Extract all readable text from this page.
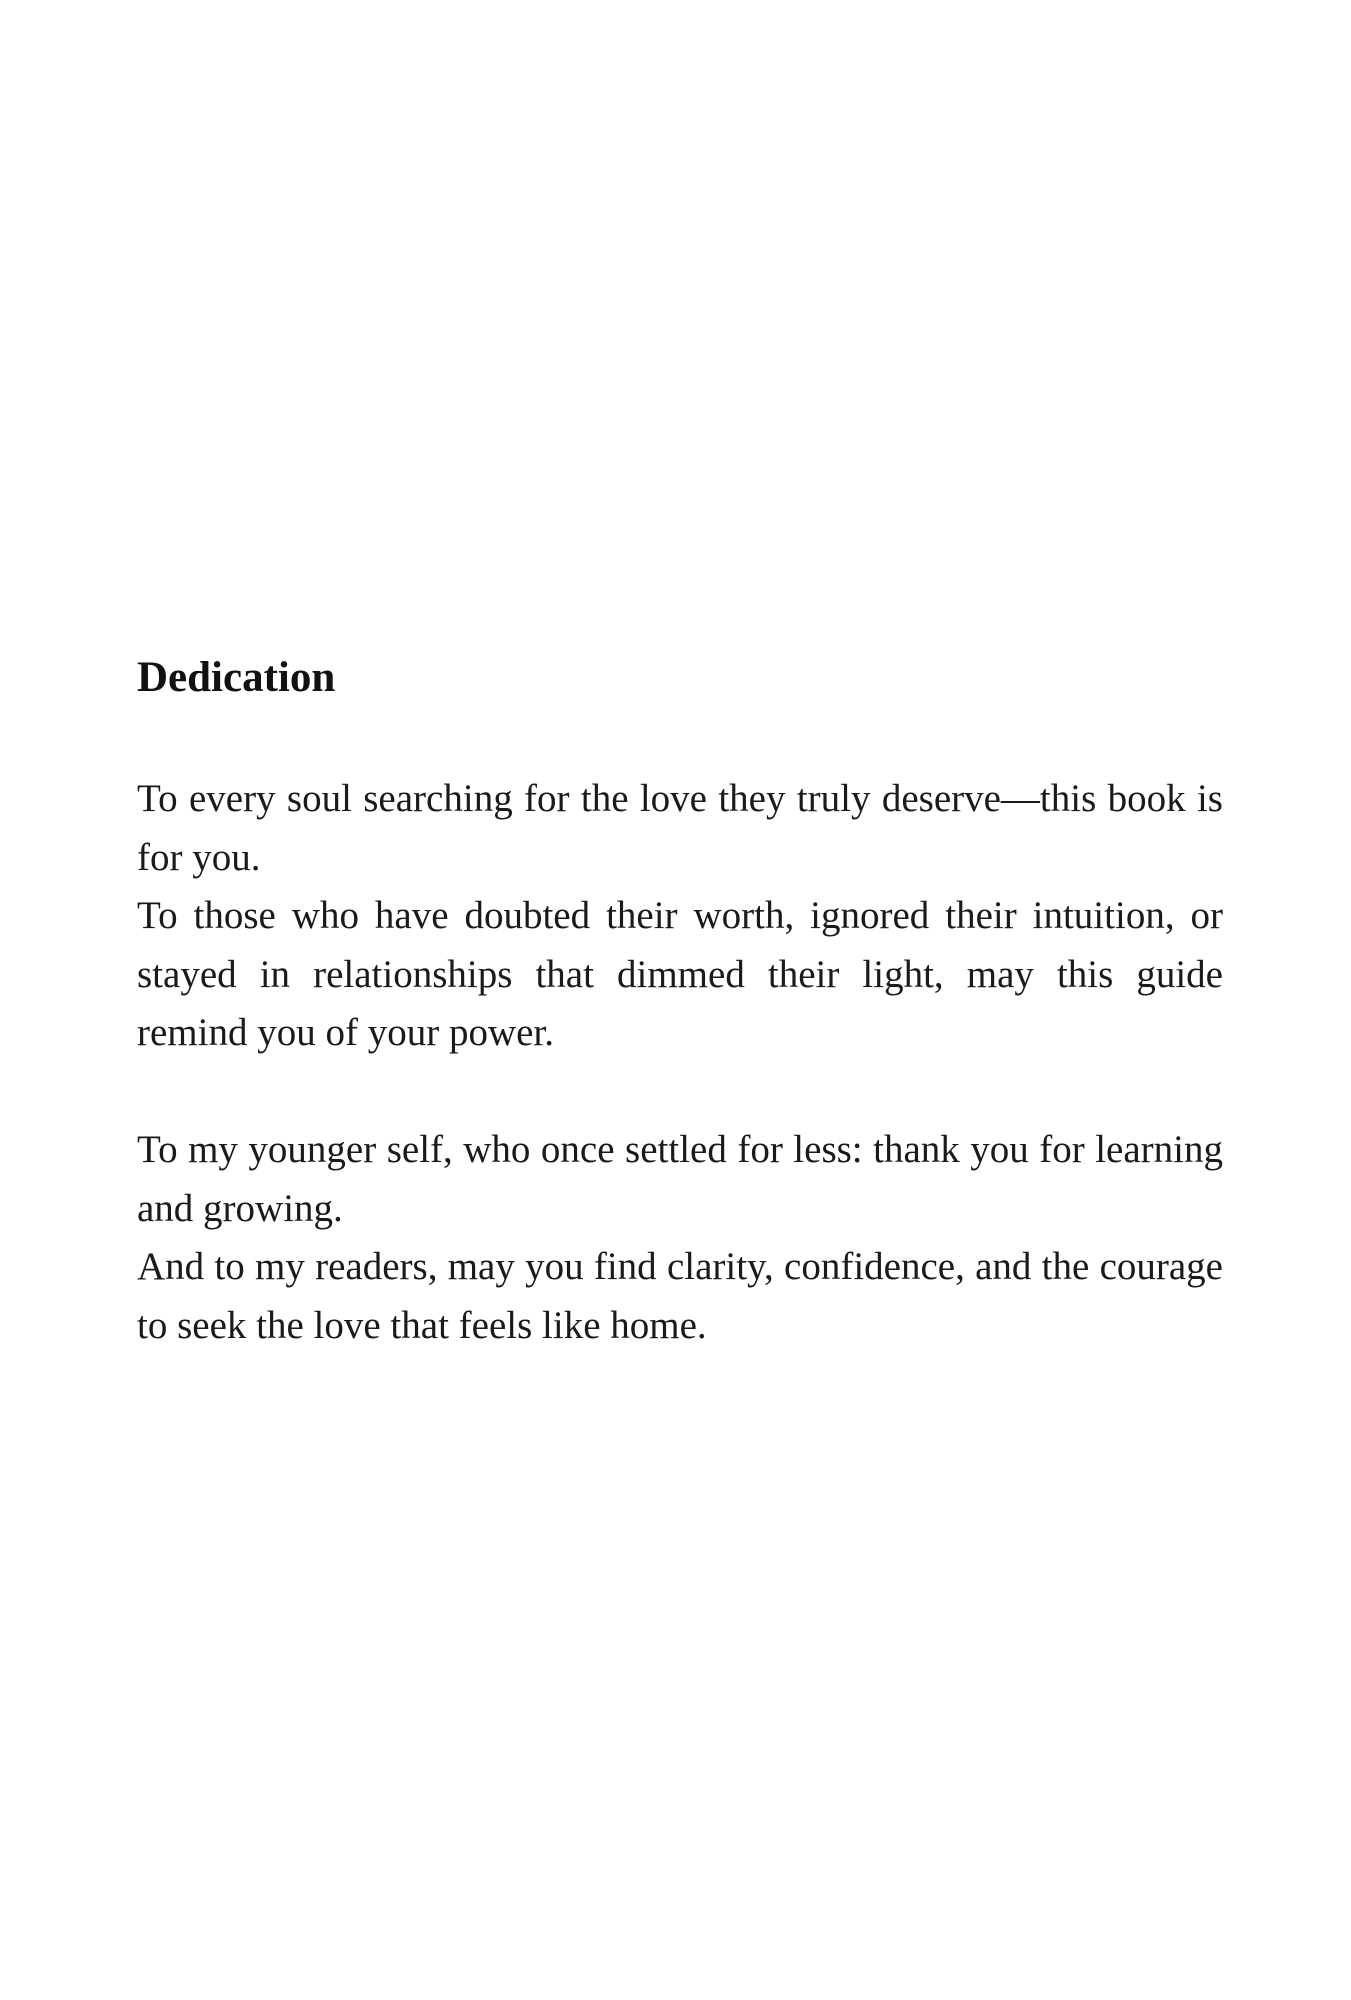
Dedication

To every soul searching for the love they truly deserve—this book is for you.

To those who have doubted their worth, ignored their intuition, or stayed in relationships that dimmed their light, may this guide remind you of your power.

To my younger self, who once settled for less: thank you for learning and growing.

And to my readers, may you find clarity, confidence, and the courage to seek the love that feels like home.
